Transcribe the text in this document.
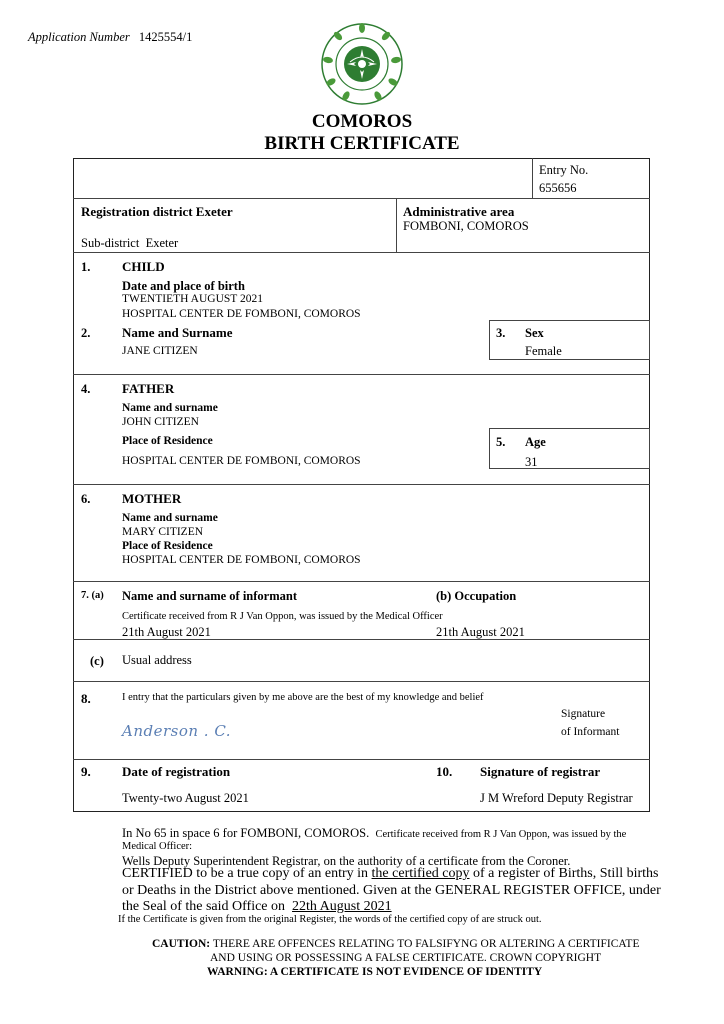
Application Number 1425554/1
COMOROS
BIRTH CERTIFICATE
Entry No.
655656
Registration district Exeter
Sub-district Exeter
Administrative area
FOMBONI, COMOROS
1. CHILD
Date and place of birth
TWENTIETH AUGUST 2021
HOSPITAL CENTER DE FOMBONI, COMOROS
2. Name and Surname
JANE CITIZEN
3. Sex
Female
4. FATHER
Name and surname
JOHN CITIZEN
Place of Residence
HOSPITAL CENTER DE FOMBONI, COMOROS
5. Age
31
6. MOTHER
Name and surname
MARY CITIZEN
Place of Residence
HOSPITAL CENTER DE FOMBONI, COMOROS
7. (a) Name and surname of informant	(b) Occupation
Certificate received from R J Van Oppon, was issued by the Medical Officer
21th August 2021	21th August 2021
(c) Usual address
8.	I entry that the particulars given by me above are the best of my knowledge and belief
Anderson . C.
Signature
of Informant
9. Date of registration
Twenty-two August 2021
10. Signature of registrar
J M Wreford Deputy Registrar
In No 65 in space 6 for FOMBONI, COMOROS. Certificate received from R J Van Oppon, was issued by the
Medical Officer:
Wells Deputy Superintendent Registrar, on the authority of a certificate from the Coroner.
CERTIFIED to be a true copy of an entry in the certified copy of a register of Births, Still births
or Deaths in the District above mentioned. Given at the GENERAL REGISTER OFFICE, under
the Seal of the said Office on 22th August 2021
If the Certificate is given from the original Register, the words of the certified copy of are struck out.
CAUTION: THERE ARE OFFENCES RELATING TO FALSIFYNG OR ALTERING A CERTIFICATE
AND USING OR POSSESSING A FALSE CERTIFICATE. CROWN COPYRIGHT
WARNING: A CERTIFICATE IS NOT EVIDENCE OF IDENTITY
